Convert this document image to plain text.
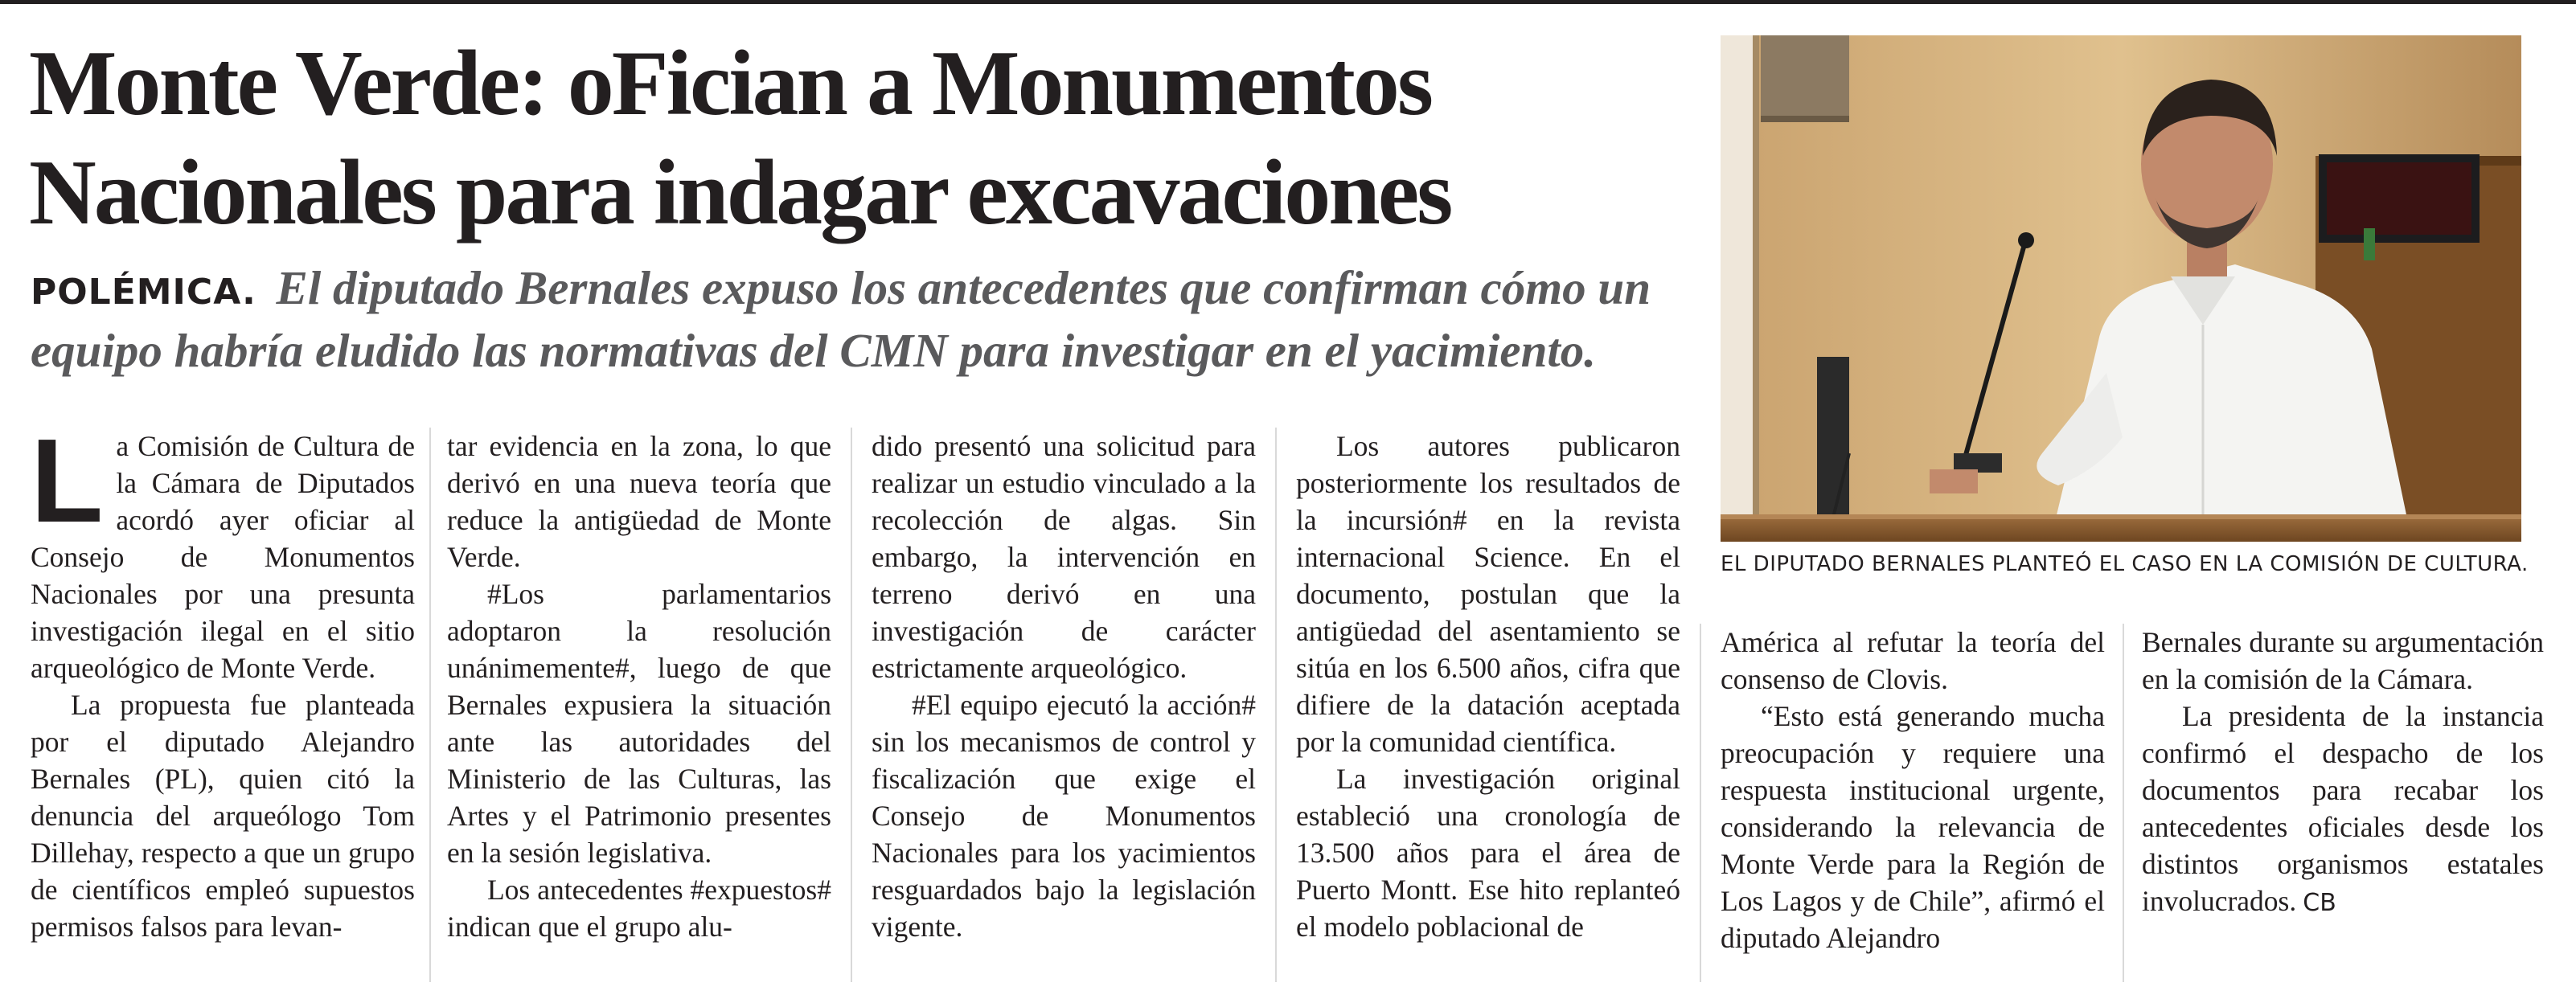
Monte Verde: oFician a Monumentos
Nacionales para indagar excavaciones
POLÉMICA. El diputado Bernales expuso los antecedentes que confirman cómo un equipo habría eludido las normativas del CMN para investigar en el yacimiento.

La Comisión de Cultura de la Cámara de Diputados acordó ayer oficiar al Consejo de Monumentos Nacionales por una presunta investigación ilegal en el sitio arqueológico de Monte Verde.

La propuesta fue planteada por el diputado Alejandro Bernales (PL), quien citó la denuncia del arqueólogo Tom Dillehay, respecto a que un grupo de científicos empleó supuestos permisos falsos para levan-

tar evidencia en la zona, lo que derivó en una nueva teoría que reduce la antigüedad de Monte Verde.

#Los parlamentarios adoptaron la resolución unánimemente#, luego de que Bernales expusiera la situación ante las autoridades del Ministerio de las Culturas, las Artes y el Patrimonio presentes en la sesión legislativa.

Los antecedentes #expuestos# indican que el grupo alu-

dido presentó una solicitud para realizar un estudio vinculado a la recolección de algas. Sin embargo, la intervención en terreno derivó en una investigación de carácter estrictamente arqueológico.

#El equipo ejecutó la acción# sin los mecanismos de control y fiscalización que exige el Consejo de Monumentos Nacionales para los yacimientos resguardados bajo la legislación vigente.

Los autores publicaron posteriormente los resultados de la incursión# en la revista internacional Science. En el documento, postulan que la antigüedad del asentamiento se sitúa en los 6.500 años, cifra que difiere de la datación aceptada por la comunidad científica.

La investigación original estableció una cronología de 13.500 años para el área de Puerto Montt. Ese hito replanteó el modelo poblacional de

EL DIPUTADO BERNALES PLANTEÓ EL CASO EN LA COMISIÓN DE CULTURA.

América al refutar la teoría del consenso de Clovis.

“Esto está generando mucha preocupación y requiere una respuesta institucional urgente, considerando la relevancia de Monte Verde para la Región de Los Lagos y de Chile”, afirmó el diputado Alejandro

Bernales durante su argumentación en la comisión de la Cámara.

La presidenta de la instancia confirmó el despacho de los documentos para recabar los antecedentes oficiales desde los distintos organismos estatales involucrados. CB
